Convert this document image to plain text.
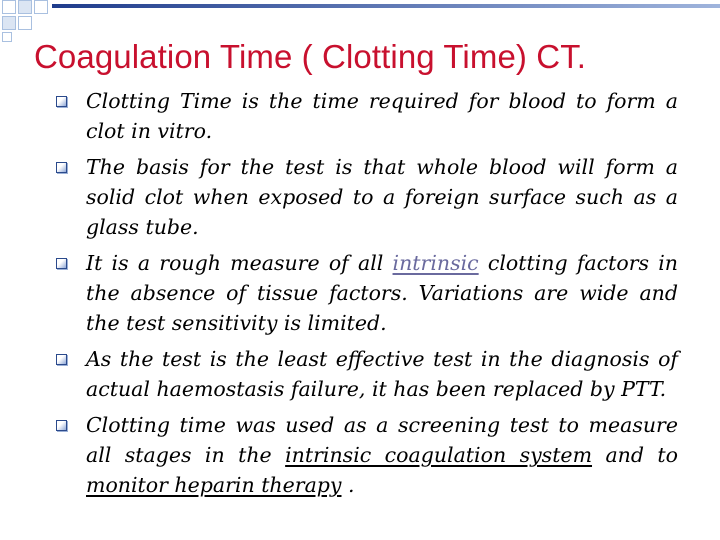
Coagulation Time ( Clotting Time) CT.
Clotting Time is the time required for blood to form a clot in vitro.
The basis for the test is that whole blood will form a solid clot when exposed to a foreign surface such as a glass tube.
It is a rough measure of all intrinsic clotting factors in the absence of tissue factors. Variations are wide and the test sensitivity is limited.
As the test is the least effective test in the diagnosis of actual haemostasis failure, it has been replaced by PTT.
Clotting time was used as a screening test to measure all stages in the intrinsic coagulation system and to monitor heparin therapy .
